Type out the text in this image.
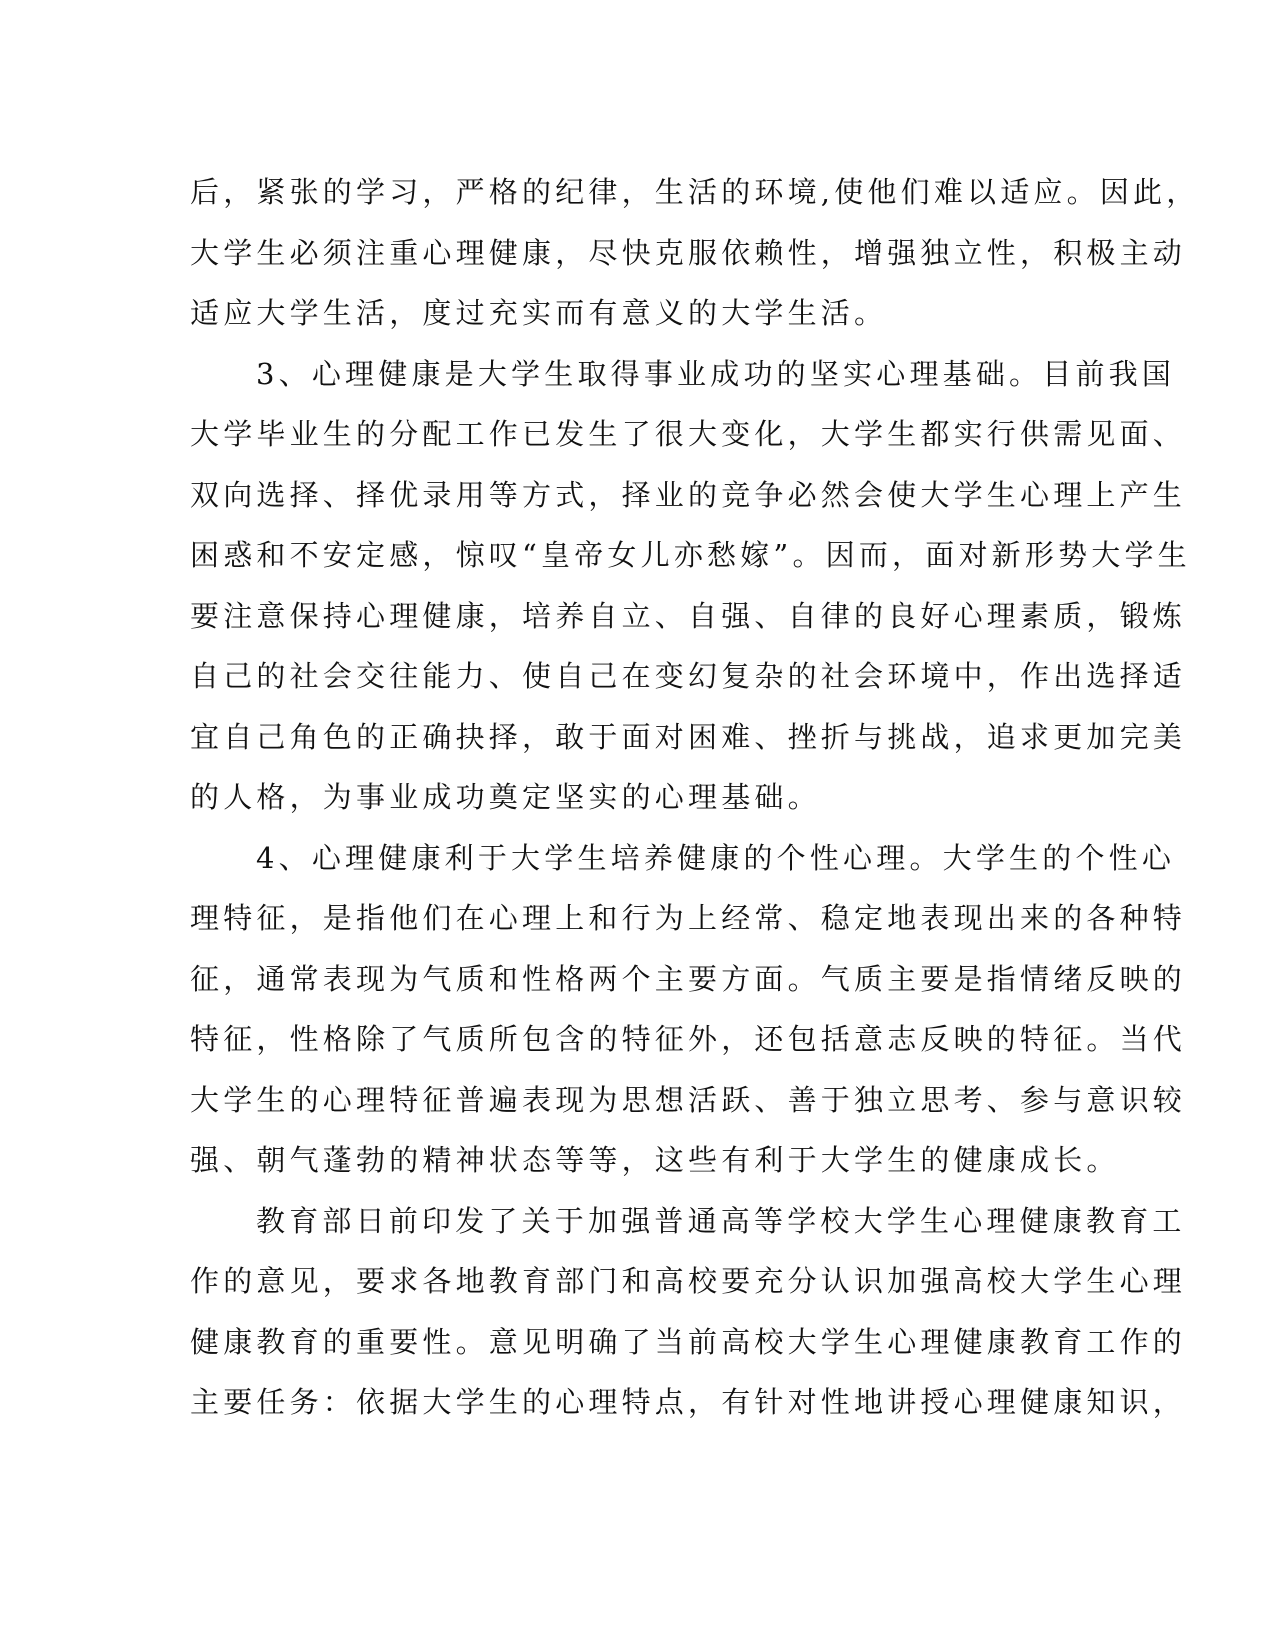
后，紧张的学习，严格的纪律，生活的环境,使他们难以适应。因此，
大学生必须注重心理健康，尽快克服依赖性，增强独立性，积极主动
适应大学生活，度过充实而有意义的大学生活。
3、心理健康是大学生取得事业成功的坚实心理基础。目前我国
大学毕业生的分配工作已发生了很大变化，大学生都实行供需见面、
双向选择、择优录用等方式，择业的竞争必然会使大学生心理上产生
困惑和不安定感，惊叹“皇帝女儿亦愁嫁”。因而，面对新形势大学生
要注意保持心理健康，培养自立、自强、自律的良好心理素质，锻炼
自己的社会交往能力、使自己在变幻复杂的社会环境中，作出选择适
宜自己角色的正确抉择，敢于面对困难、挫折与挑战，追求更加完美
的人格，为事业成功奠定坚实的心理基础。
4、心理健康利于大学生培养健康的个性心理。大学生的个性心
理特征，是指他们在心理上和行为上经常、稳定地表现出来的各种特
征，通常表现为气质和性格两个主要方面。气质主要是指情绪反映的
特征，性格除了气质所包含的特征外，还包括意志反映的特征。当代
大学生的心理特征普遍表现为思想活跃、善于独立思考、参与意识较
强、朝气蓬勃的精神状态等等，这些有利于大学生的健康成长。
教育部日前印发了关于加强普通高等学校大学生心理健康教育工
作的意见，要求各地教育部门和高校要充分认识加强高校大学生心理
健康教育的重要性。意见明确了当前高校大学生心理健康教育工作的
主要任务：依据大学生的心理特点，有针对性地讲授心理健康知识，
